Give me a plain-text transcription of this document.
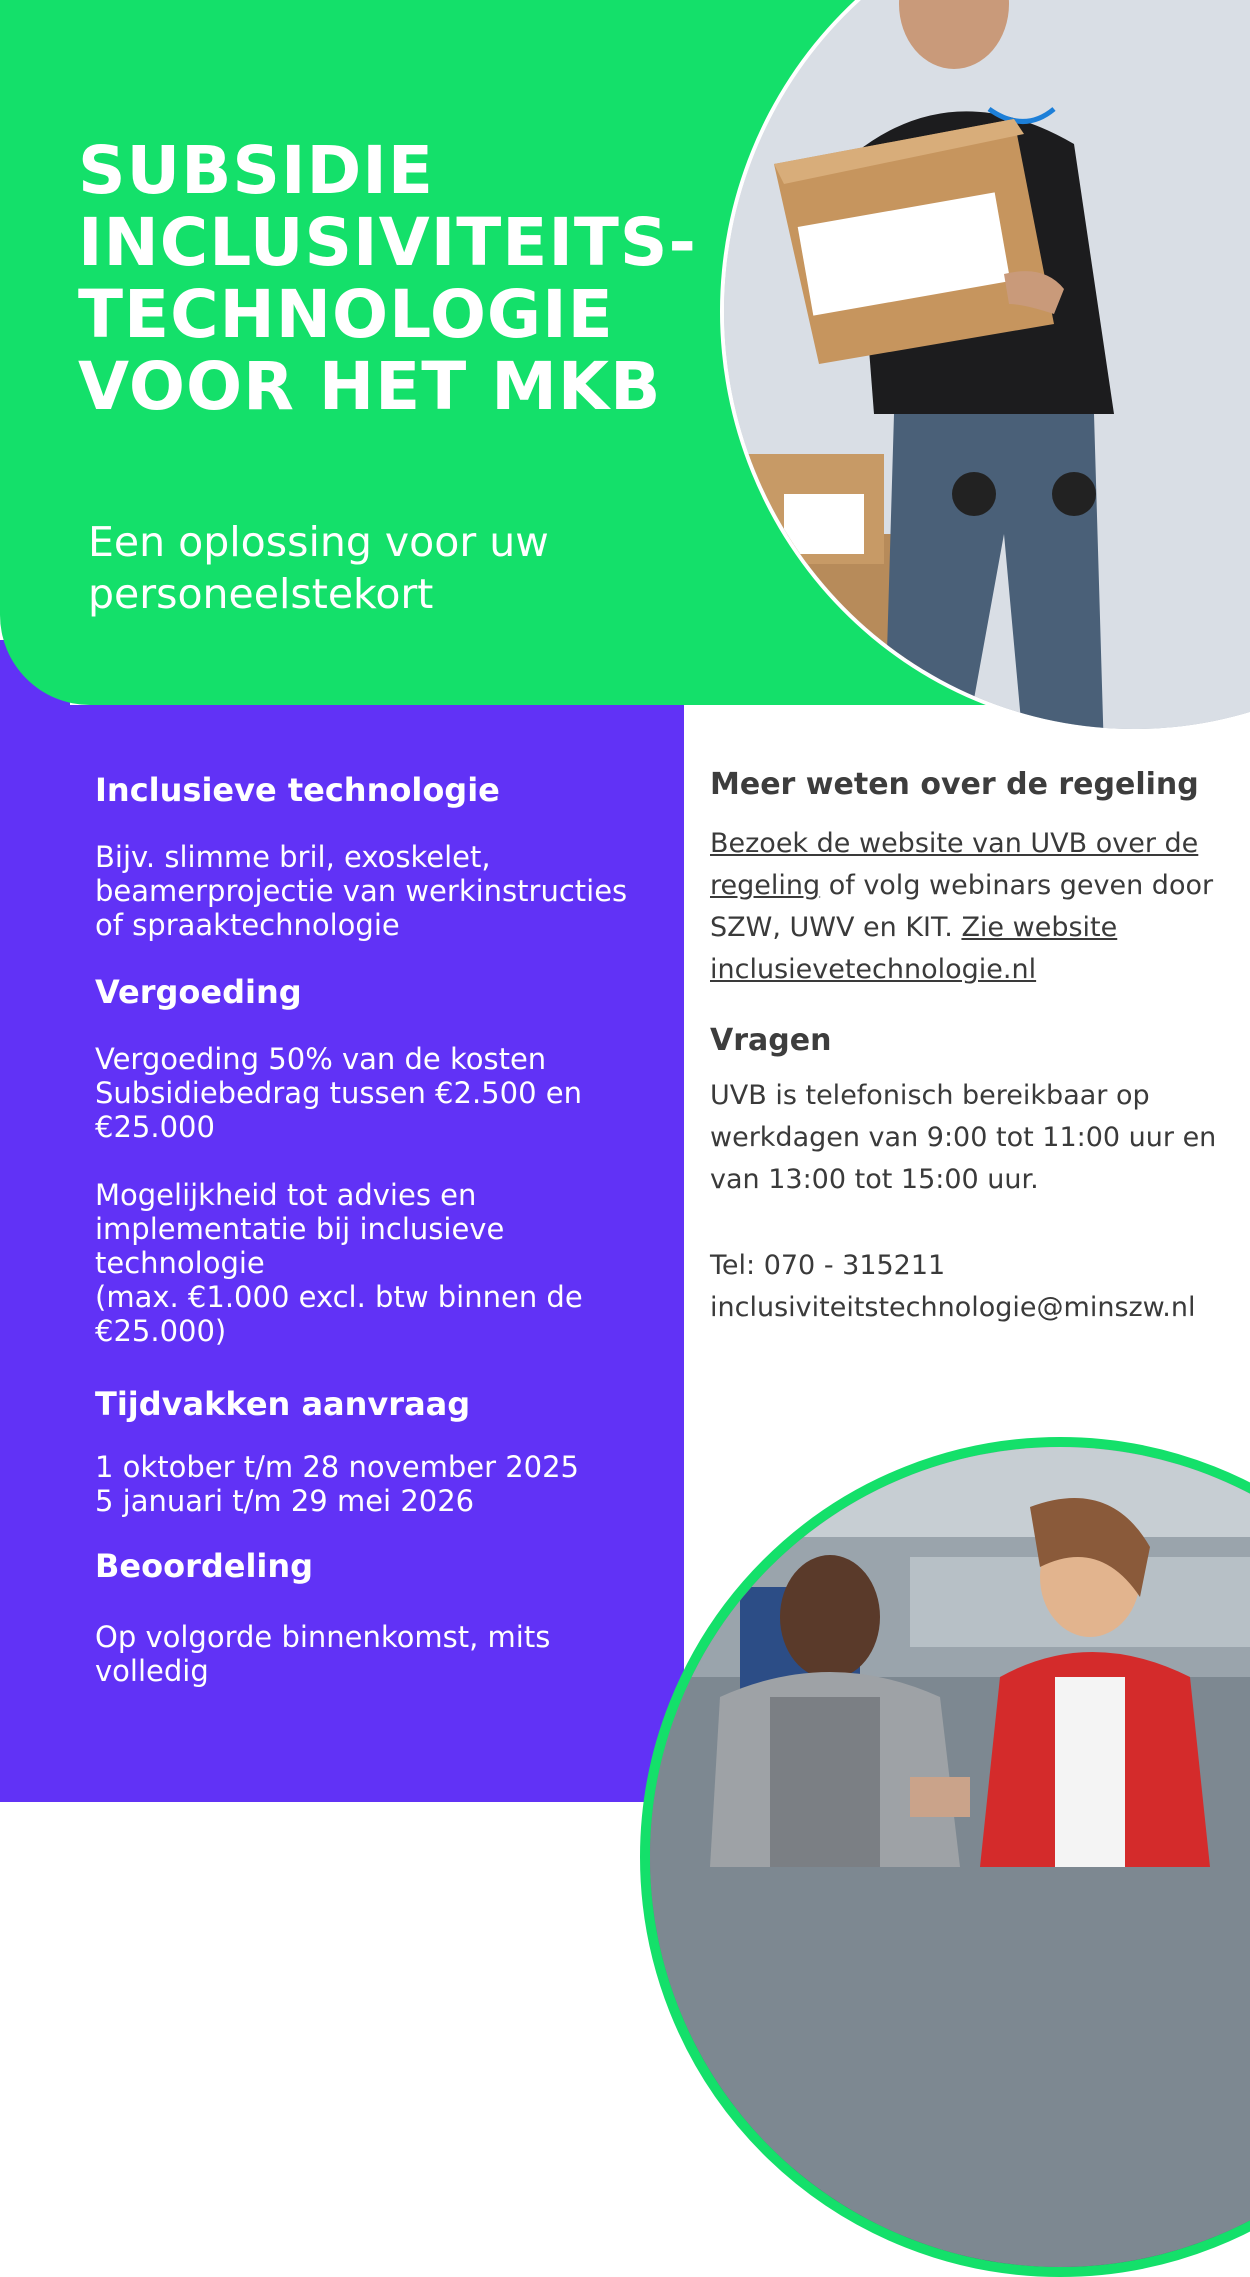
SUBSIDIE
INCLUSIVITEITS-
TECHNOLOGIE
VOOR HET MKB

Een oplossing voor uw personeelstekort

Inclusieve technologie

Bijv. slimme bril, exoskelet,
beamerprojectie van werkinstructies
of spraaktechnologie

Vergoeding

Vergoeding 50% van de kosten
Subsidiebedrag tussen €2.500 en
€25.000

Mogelijkheid tot advies en
implementatie bij inclusieve
technologie
(max. €1.000 excl. btw binnen de
€25.000)

Tijdvakken aanvraag

1 oktober t/m 28 november 2025
5 januari t/m 29 mei 2026

Beoordeling

Op volgorde binnenkomst, mits
volledig

Meer weten over de regeling

Bezoek de website van UVB over de regeling of volg webinars geven door SZW, UWV en KIT. Zie website inclusievetechnologie.nl

Vragen

UVB is telefonisch bereikbaar op werkdagen van 9:00 tot 11:00 uur en van 13:00 tot 15:00 uur.

Tel: 070 - 315211

inclusiviteitstechnologie@minszw.nl
